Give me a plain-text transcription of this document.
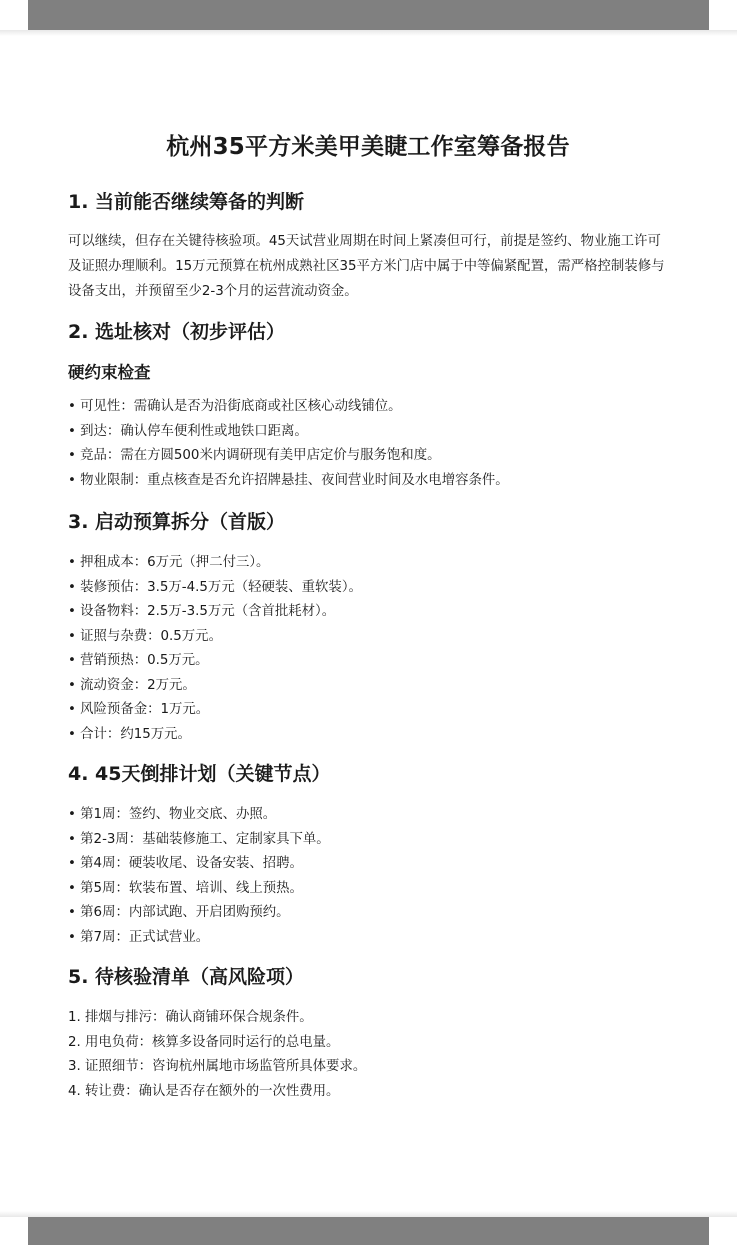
杭州35平方米美甲美睫工作室筹备报告
1. 当前能否继续筹备的判断

可以继续，但存在关键待核验项。45天试营业周期在时间上紧凑但可行，前提是签约、物业施工许可及证照办理顺利。15万元预算在杭州成熟社区35平方米门店中属于中等偏紧配置，需严格控制装修与设备支出，并预留至少2-3个月的运营流动资金。

2. 选址核对（初步评估）
硬约束检查
• 可见性：需确认是否为沿街底商或社区核心动线铺位。
• 到达：确认停车便利性或地铁口距离。
• 竞品：需在方圆500米内调研现有美甲店定价与服务饱和度。
• 物业限制：重点核查是否允许招牌悬挂、夜间营业时间及水电增容条件。
3. 启动预算拆分（首版）
• 押租成本：6万元（押二付三）。
• 装修预估：3.5万-4.5万元（轻硬装、重软装）。
• 设备物料：2.5万-3.5万元（含首批耗材）。
• 证照与杂费：0.5万元。
• 营销预热：0.5万元。
• 流动资金：2万元。
• 风险预备金：1万元。
• 合计：约15万元。
4. 45天倒排计划（关键节点）
• 第1周：签约、物业交底、办照。
• 第2-3周：基础装修施工、定制家具下单。
• 第4周：硬装收尾、设备安装、招聘。
• 第5周：软装布置、培训、线上预热。
• 第6周：内部试跑、开启团购预约。
• 第7周：正式试营业。
5. 待核验清单（高风险项）
1. 排烟与排污：确认商铺环保合规条件。
2. 用电负荷：核算多设备同时运行的总电量。
3. 证照细节：咨询杭州属地市场监管所具体要求。
4. 转让费：确认是否存在额外的一次性费用。
